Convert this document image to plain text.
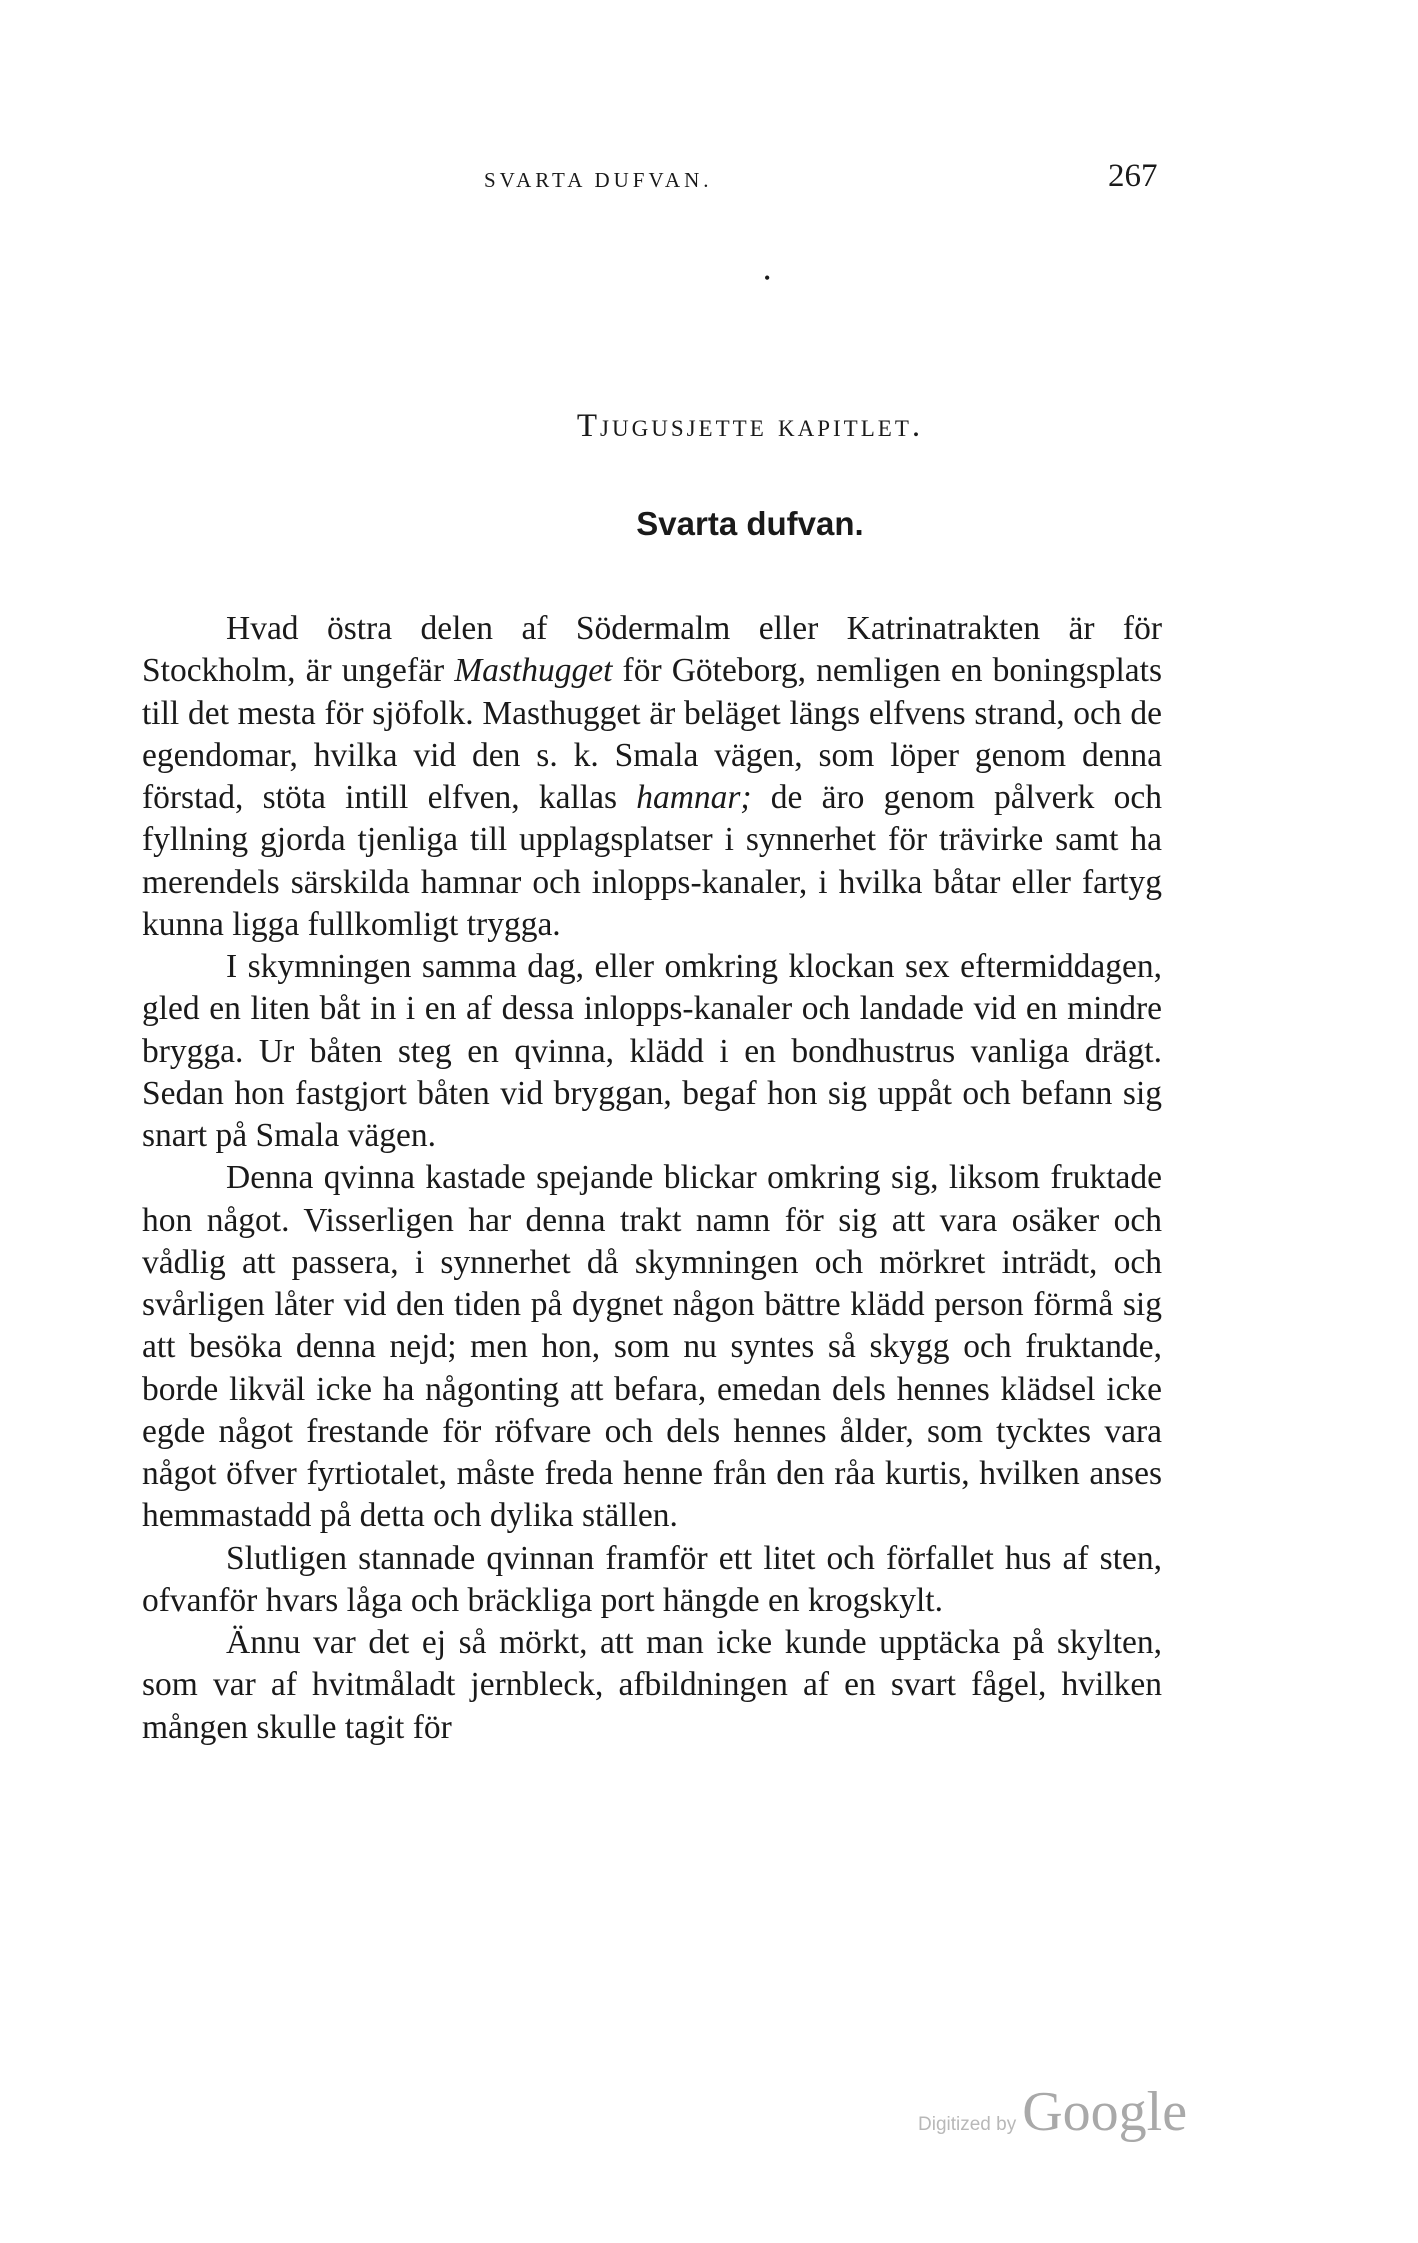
SVARTA DUFVAN.	267
•
Tjugusjette kapitlet.
Svarta dufvan.

Hvad östra delen af Södermalm eller Katrinatrakten är för Stockholm, är ungefär Masthugget för Göteborg, nemligen en boningsplats till det mesta för sjöfolk. Masthugget är beläget längs elfvens strand, och de egendomar, hvilka vid den s. k. Smala vägen, som löper genom denna förstad, stöta intill elfven, kallas hamnar; de äro genom pålverk och fyllning gjorda tjenliga till upplagsplatser i synnerhet för trävirke samt ha merendels särskilda hamnar och inlopps-kanaler, i hvilka båtar eller fartyg kunna ligga fullkomligt trygga.

I skymningen samma dag, eller omkring klockan sex eftermiddagen, gled en liten båt in i en af dessa inlopps-kanaler och landade vid en mindre brygga. Ur båten steg en qvinna, klädd i en bondhustrus vanliga drägt. Sedan hon fastgjort båten vid bryggan, begaf hon sig uppåt och befann sig snart på Smala vägen.

Denna qvinna kastade spejande blickar omkring sig, liksom fruktade hon något. Visserligen har denna trakt namn för sig att vara osäker och vådlig att passera, i synnerhet då skymningen och mörkret inträdt, och svårligen låter vid den tiden på dygnet någon bättre klädd person förmå sig att besöka denna nejd; men hon, som nu syntes så skygg och fruktande, borde likväl icke ha någonting att befara, emedan dels hennes klädsel icke egde något frestande för röfvare och dels hennes ålder, som tycktes vara något öfver fyrtiotalet, måste freda henne från den råa kurtis, hvilken anses hemmastadd på detta och dylika ställen.

Slutligen stannade qvinnan framför ett litet och förfallet hus af sten, ofvanför hvars låga och bräckliga port hängde en krogskylt.

Ännu var det ej så mörkt, att man icke kunde upptäcka på skylten, som var af hvitmåladt jernbleck, afbildningen af en svart fågel, hvilken mången skulle tagit för

Digitized by Google
